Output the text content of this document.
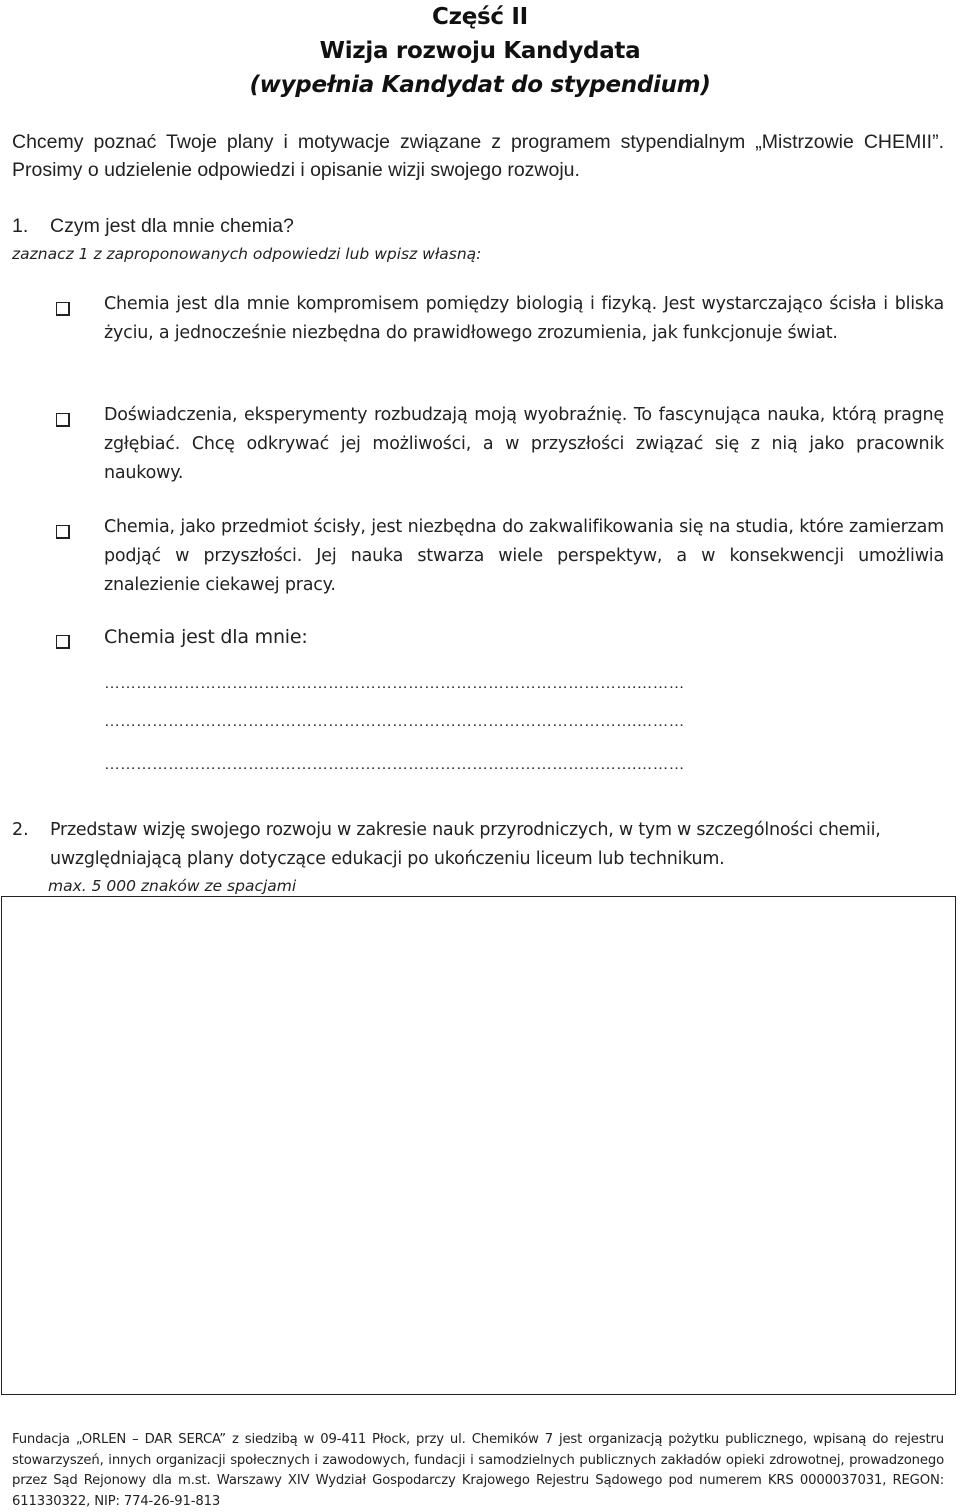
Część II
Wizja rozwoju Kandydata
(wypełnia Kandydat do stypendium)
Chcemy poznać Twoje plany i motywacje związane z programem stypendialnym „Mistrzowie CHEMII”. Prosimy o udzielenie odpowiedzi i opisanie wizji swojego rozwoju.
1. Czym jest dla mnie chemia?
zaznacz 1 z zaproponowanych odpowiedzi lub wpisz własną:
Chemia jest dla mnie kompromisem pomiędzy biologią i fizyką. Jest wystarczająco ścisła i bliska życiu, a jednocześnie niezbędna do prawidłowego zrozumienia, jak funkcjonuje świat.
Doświadczenia, eksperymenty rozbudzają moją wyobraźnię. To fascynująca nauka, którą pragnę zgłębiać. Chcę odkrywać jej możliwości, a w przyszłości związać się z nią jako pracownik naukowy.
Chemia, jako przedmiot ścisły, jest niezbędna do zakwalifikowania się na studia, które zamierzam podjąć w przyszłości. Jej nauka stwarza wiele perspektyw, a w konsekwencji umożliwia znalezienie ciekawej pracy.
Chemia jest dla mnie:
……………………………………………………………………………………….………
……………………………………………………………………………………….………
……………………………………………………………………………………….………
2. Przedstaw wizję swojego rozwoju w zakresie nauk przyrodniczych, w tym w szczególności chemii, uwzględniającą plany dotyczące edukacji po ukończeniu liceum lub technikum.
max. 5 000 znaków ze spacjami
Fundacja „ORLEN – DAR SERCA” z siedzibą w 09-411 Płock, przy ul. Chemików 7 jest organizacją pożytku publicznego, wpisaną do rejestru stowarzyszeń, innych organizacji społecznych i zawodowych, fundacji i samodzielnych publicznych zakładów opieki zdrowotnej, prowadzonego przez Sąd Rejonowy dla m.st. Warszawy XIV Wydział Gospodarczy Krajowego Rejestru Sądowego pod numerem KRS 0000037031, REGON: 611330322, NIP: 774-26-91-813
